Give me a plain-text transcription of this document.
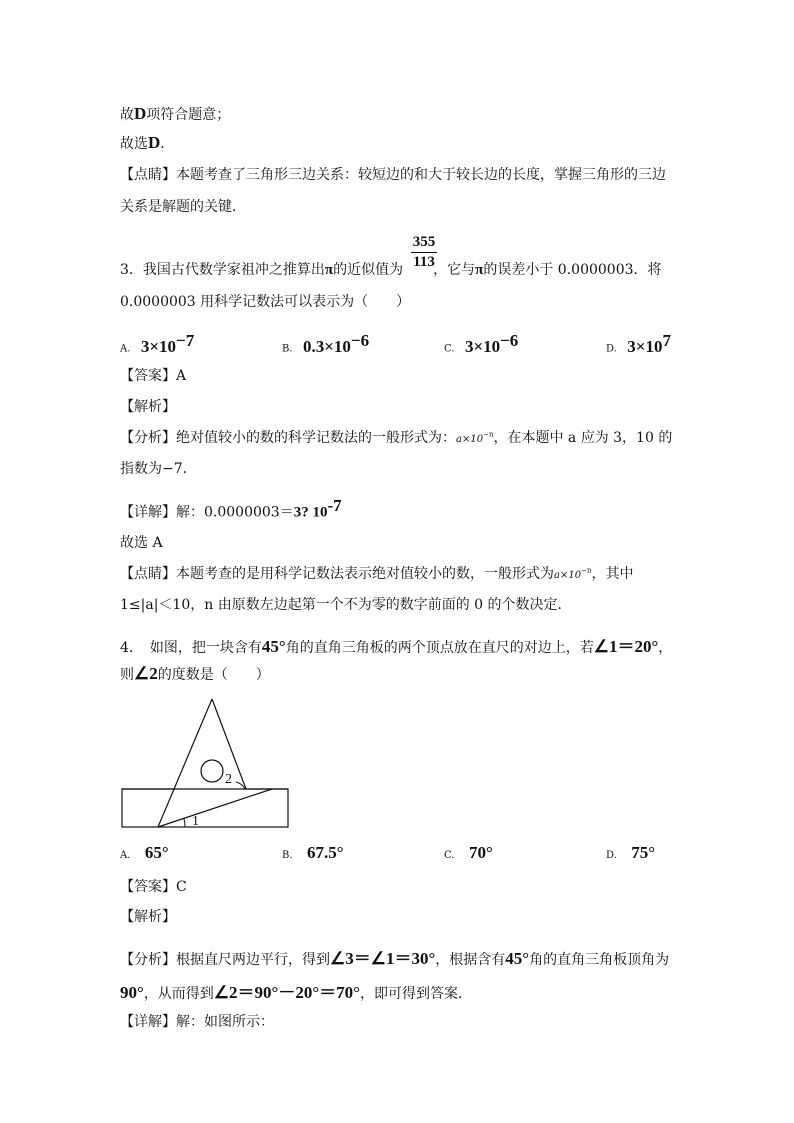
故D项符合题意；
故选D．
【点睛】本题考查了三角形三边关系：较短边的和大于较长边的长度，掌握三角形的三边
关系是解题的关键．
355
113
3．我国古代数学家祖冲之推算出π的近似值为 ，它与π的误差小于 0.0000003．将
0.0000003 用科学记数法可以表示为（　　）
A. $3\times 10^{-7}$	B. $0.3\times 10^{-6}$	C. $3\times 10^{-6}$	D. $3\times 10^7$
【答案】A
【解析】
【分析】绝对值较小的数的科学记数法的一般形式为：$a\times 10^{-n}$，在本题中 a 应为 3，10 的
指数为−7．
【详解】解：0.0000003＝3? $10^{-7}$
故选 A
【点睛】本题考查的是用科学记数法表示绝对值较小的数，一般形式为$a\times 10^{-n}$，其中
1≤|a|＜10，n 由原数左边起第一个不为零的数字前面的 0 的个数决定．
4．　如图，把一块含有45°角的直角三角板的两个顶点放在直尺的对边上，若∠1＝20°，
则∠2的度数是（　　）
1
2
A. 65°	B. 67.5°	C. 70°	D. 75°
【答案】C
【解析】
【分析】根据直尺两边平行，得到∠3＝∠1＝30°，根据含有45°角的直角三角板顶角为
90°，从而得到∠2＝90°－20°＝70°，即可得到答案．
【详解】解：如图所示：
